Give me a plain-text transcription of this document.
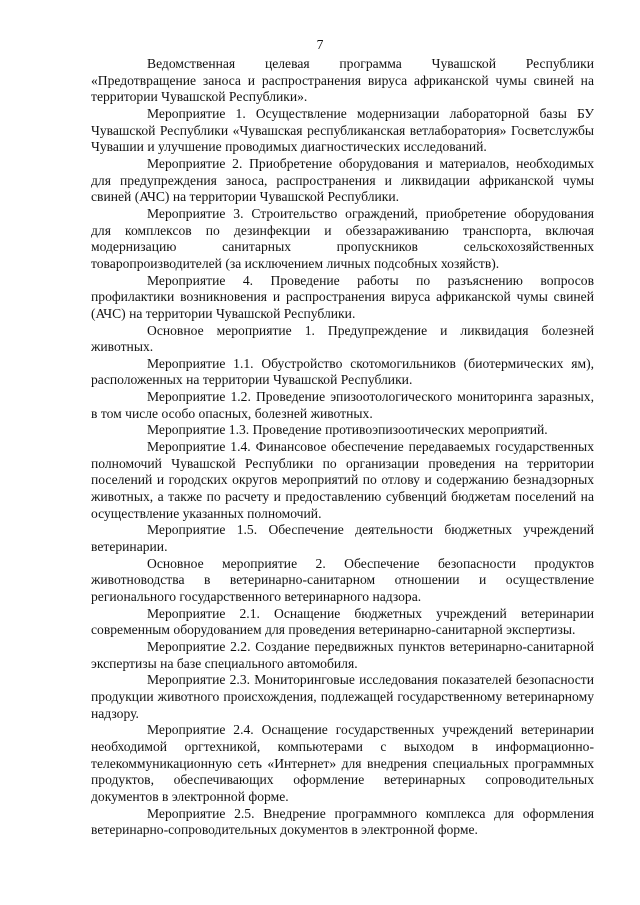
7

Ведомственная целевая программа Чувашской Республики «Предотвращение заноса и распространения вируса африканской чумы свиней на территории Чувашской Республики».

Мероприятие 1. Осуществление модернизации лабораторной базы БУ Чувашской Республики «Чувашская республиканская ветлаборатория» Госветслужбы Чувашии и улучшение проводимых диагностических исследований.

Мероприятие 2. Приобретение оборудования и материалов, необходимых для предупреждения заноса, распространения и ликвидации африканской чумы свиней (АЧС) на территории Чувашской Республики.

Мероприятие 3. Строительство ограждений, приобретение оборудования для комплексов по дезинфекции и обеззараживанию транспорта, включая модернизацию санитарных пропускников сельскохозяйственных товаропроизводителей (за исключением личных подсобных хозяйств).

Мероприятие 4. Проведение работы по разъяснению вопросов профилактики возникновения и распространения вируса африканской чумы свиней (АЧС) на территории Чувашской Республики.

Основное мероприятие 1. Предупреждение и ликвидация болезней животных.

Мероприятие 1.1. Обустройство скотомогильников (биотермических ям), расположенных на территории Чувашской Республики.

Мероприятие 1.2. Проведение эпизоотологического мониторинга заразных, в том числе особо опасных, болезней животных.

Мероприятие 1.3. Проведение противоэпизоотических мероприятий.

Мероприятие 1.4. Финансовое обеспечение передаваемых государственных полномочий Чувашской Республики по организации проведения на территории поселений и городских округов мероприятий по отлову и содержанию безнадзорных животных, а также по расчету и предоставлению субвенций бюджетам поселений на осуществление указанных полномочий.

Мероприятие 1.5. Обеспечение деятельности бюджетных учреждений ветеринарии.

Основное мероприятие 2. Обеспечение безопасности продуктов животноводства в ветеринарно-санитарном отношении и осуществление регионального государственного ветеринарного надзора.

Мероприятие 2.1. Оснащение бюджетных учреждений ветеринарии современным оборудованием для проведения ветеринарно-санитарной экспертизы.

Мероприятие 2.2. Создание передвижных пунктов ветеринарно-санитарной экспертизы на базе специального автомобиля.

Мероприятие 2.3. Мониторинговые исследования показателей безопасности продукции животного происхождения, подлежащей государственному ветеринарному надзору.

Мероприятие 2.4. Оснащение государственных учреждений ветеринарии необходимой оргтехникой, компьютерами с выходом в информационно-телекоммуникационную сеть «Интернет» для внедрения специальных программных продуктов, обеспечивающих оформление ветеринарных сопроводительных документов в электронной форме.

Мероприятие 2.5. Внедрение программного комплекса для оформления ветеринарно-сопроводительных документов в электронной форме.
